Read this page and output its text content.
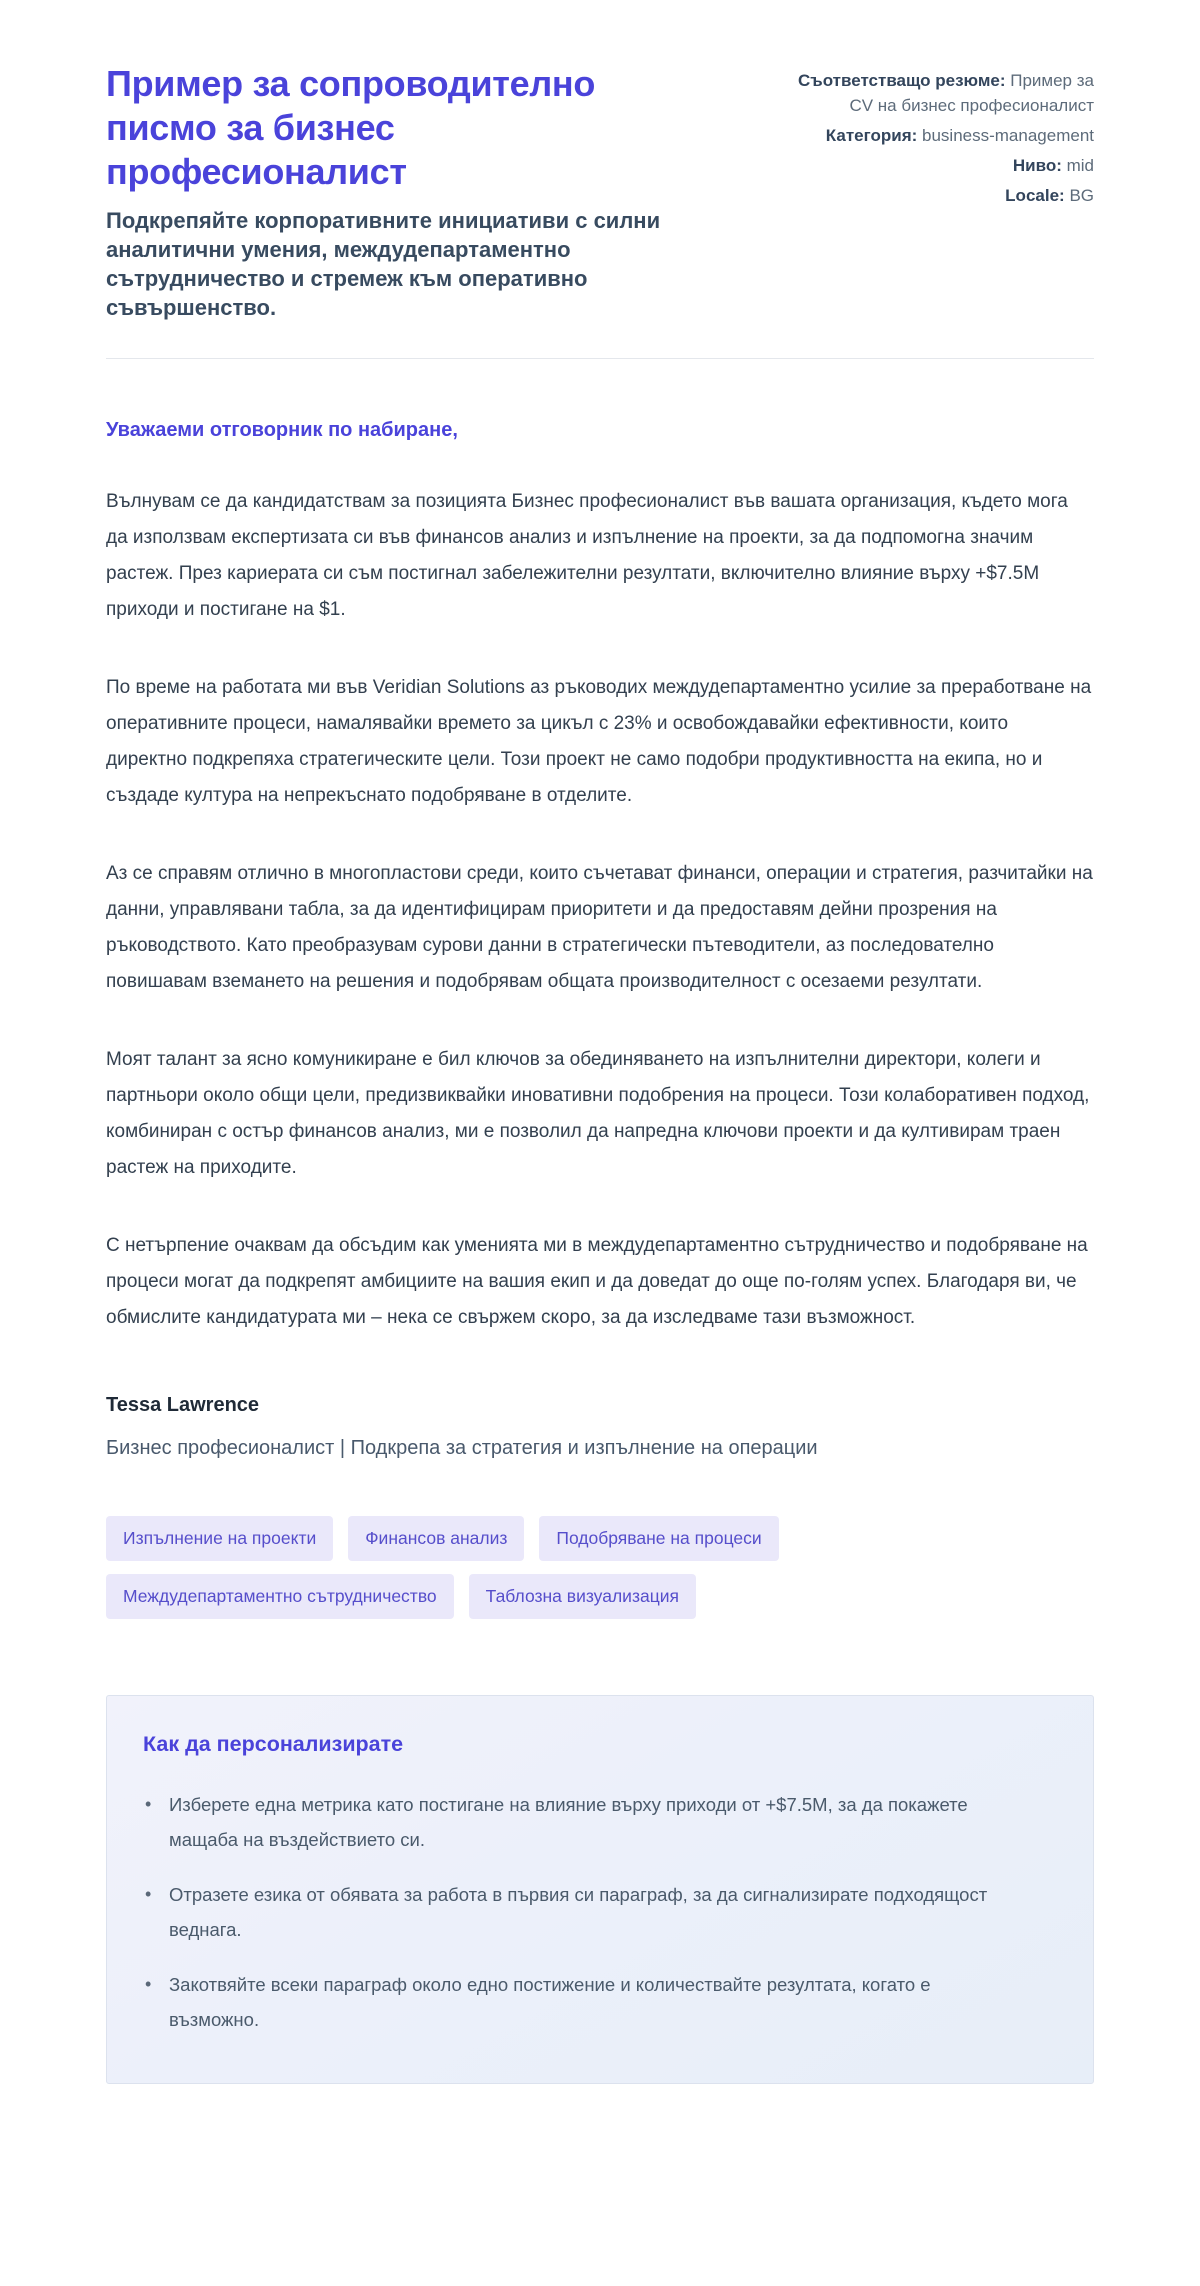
Пример за сопроводително писмо за бизнес професионалист

Подкрепяйте корпоративните инициативи с силни аналитични умения, междудепартаментно сътрудничество и стремеж към оперативно съвършенство.

Съответстващо резюме: Пример за CV на бизнес професионалист
Категория: business-management
Ниво: mid
Locale: BG

Уважаеми отговорник по набиране,

Вълнувам се да кандидатствам за позицията Бизнес професионалист във вашата организация, където мога да използвам експертизата си във финансов анализ и изпълнение на проекти, за да подпомогна значим растеж. През кариерата си съм постигнал забележителни резултати, включително влияние върху +$7.5M приходи и постигане на $1.

По време на работата ми във Veridian Solutions аз ръководих междудепартаментно усилие за преработване на оперативните процеси, намалявайки времето за цикъл с 23% и освобождавайки ефективности, които директно подкрепяха стратегическите цели. Този проект не само подобри продуктивността на екипа, но и създаде култура на непрекъснато подобряване в отделите.

Аз се справям отлично в многопластови среди, които съчетават финанси, операции и стратегия, разчитайки на данни, управлявани табла, за да идентифицирам приоритети и да предоставям дейни прозрения на ръководството. Като преобразувам сурови данни в стратегически пътеводители, аз последователно повишавам вземането на решения и подобрявам общата производителност с осезаеми резултати.

Моят талант за ясно комуникиране е бил ключов за обединяването на изпълнителни директори, колеги и партньори около общи цели, предизвиквайки иновативни подобрения на процеси. Този колаборативен подход, комбиниран с остър финансов анализ, ми е позволил да напредна ключови проекти и да култивирам траен растеж на приходите.

С нетърпение очаквам да обсъдим как уменията ми в междудепартаментно сътрудничество и подобряване на процеси могат да подкрепят амбициите на вашия екип и да доведат до още по-голям успех. Благодаря ви, че обмислите кандидатурата ми – нека се свържем скоро, за да изследваме тази възможност.

Tessa Lawrence

Бизнес професионалист | Подкрепа за стратегия и изпълнение на операции

Изпълнение на проекти	Финансов анализ	Подобряване на процеси
Междудепартаментно сътрудничество	Таблозна визуализация
Как да персонализирате
• Изберете една метрика като постигане на влияние върху приходи от +$7.5M, за да покажете мащаба на въздействието си.
• Отразете езика от обявата за работа в първия си параграф, за да сигнализирате подходящост веднага.
• Закотвяйте всеки параграф около едно постижение и количествайте резултата, когато е възможно.
